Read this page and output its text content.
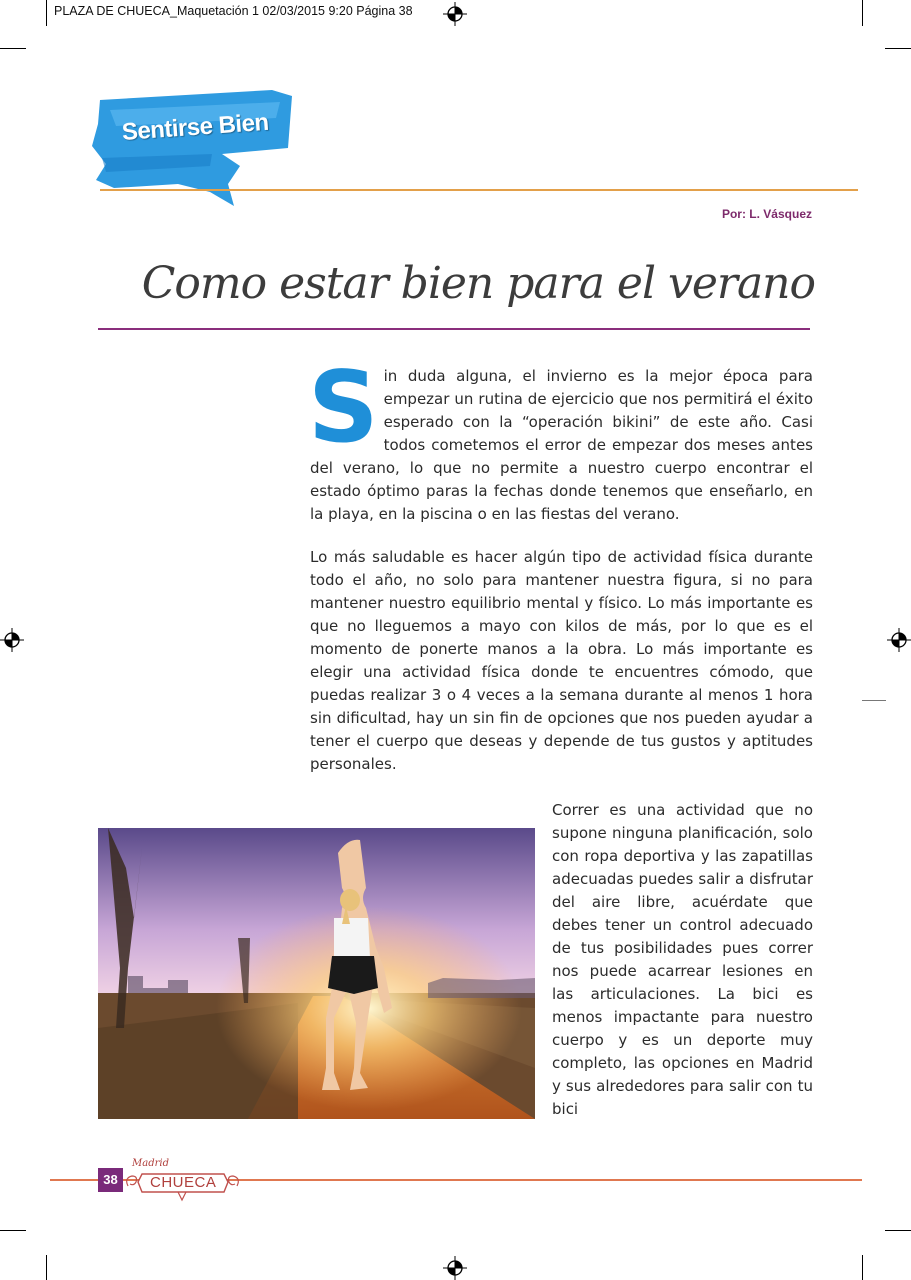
PLAZA DE CHUECA_Maquetación 1 02/03/2015 9:20 Página 38
Sentirse Bien
Por: L. Vásquez
Como estar bien para el verano

Sin duda alguna, el invierno es la mejor época para empezar un rutina de ejercicio que nos permitirá el éxito esperado con la “operación bikini” de este año. Casi todos cometemos el error de empezar dos meses antes del verano, lo que no permite a nuestro cuerpo encontrar el estado óptimo paras la fechas donde tenemos que enseñarlo, en la playa, en la piscina o en las fiestas del verano.

Lo más saludable es hacer algún tipo de actividad física durante todo el año, no solo para mantener nuestra figura, si no para mantener nuestro equilibrio mental y físico. Lo más importante es que no lleguemos a mayo con kilos de más, por lo que es el momento de ponerte manos a la obra. Lo más importante es elegir una actividad física donde te encuentres cómodo, que puedas realizar 3 o 4 veces a la semana durante al menos 1 hora sin dificultad, hay un sin fin de opciones que nos pueden ayudar a tener el cuerpo que deseas y depende de tus gustos y aptitudes personales.

Correr es una actividad que no supone ninguna planificación, solo con ropa deportiva y las zapatillas adecuadas puedes salir a disfrutar del aire libre, acuérdate que debes tener un control adecuado de tus posibilidades pues correr nos puede acarrear lesiones en las articulaciones. La bici es menos impactante para nuestro cuerpo y es un deporte muy completo, las opciones en Madrid y sus alrededores para salir con tu bici

38
Madrid
CHUECA
